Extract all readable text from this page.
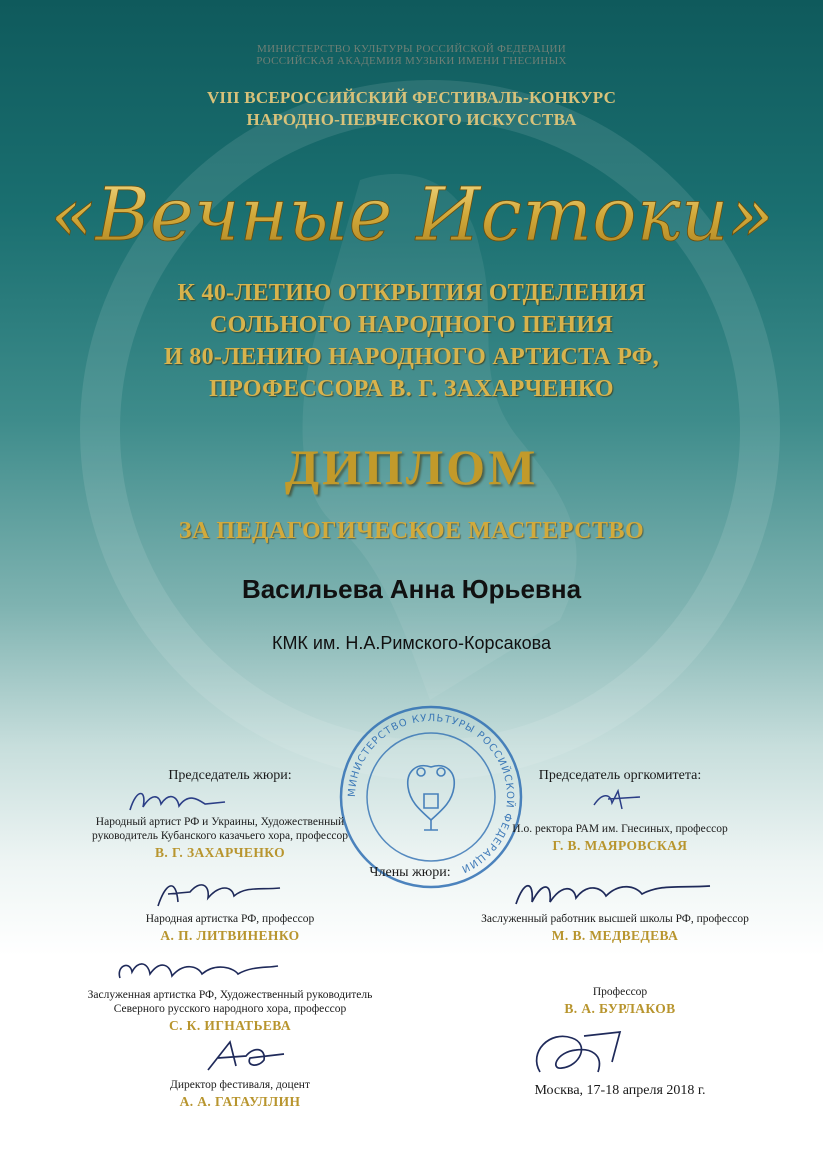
МИНИСТЕРСТВО КУЛЬТУРЫ РОССИЙСКОЙ ФЕДЕРАЦИИ
РОССИЙСКАЯ АКАДЕМИЯ МУЗЫКИ ИМЕНИ ГНЕСИНЫХ
VIII ВСЕРОССИЙСКИЙ ФЕСТИВАЛЬ-КОНКУРС
НАРОДНО-ПЕВЧЕСКОГО ИСКУССТВА
«Вечные Истоки»
К 40-ЛЕТИЮ ОТКРЫТИЯ ОТДЕЛЕНИЯ
СОЛЬНОГО НАРОДНОГО ПЕНИЯ
И 80-ЛЕНИЮ НАРОДНОГО АРТИСТА РФ,
ПРОФЕССОРА В. Г. ЗАХАРЧЕНКО
ДИПЛОМ
ЗА ПЕДАГОГИЧЕСКОЕ МАСТЕРСТВО
Васильева Анна Юрьевна
КМК им. Н.А.Римского-Корсакова
МИНИСТЕРСТВО КУЛЬТУРЫ РОССИЙСКОЙ ФЕДЕРАЦИИ
Председатель жюри:
Народный артист РФ и Украины, Художественный
руководитель Кубанского казачьего хора, профессор
В. Г. ЗАХАРЧЕНКО
Председатель оргкомитета:
И.о. ректора РАМ им. Гнесиных, профессор
Г. В. МАЯРОВСКАЯ
Члены жюри:
Народная артистка РФ, профессор
А. П. ЛИТВИНЕНКО
Заслуженный работник высшей школы РФ, профессор
М. В. МЕДВЕДЕВА
Заслуженная артистка РФ, Художественный руководитель
Северного русского народного хора, профессор
С. К. ИГНАТЬЕВА
Профессор
В. А. БУРЛАКОВ
Директор фестиваля, доцент
А. А. ГАТАУЛЛИН
Москва, 17-18 апреля 2018 г.
